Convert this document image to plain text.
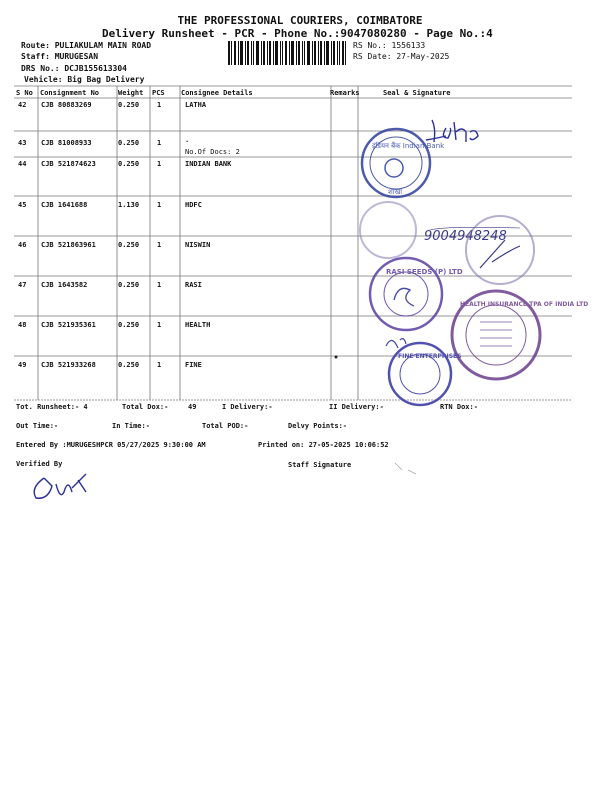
THE PROFESSIONAL COURIERS, COIMBATORE
Delivery Runsheet - PCR - Phone No.:9047080280 - Page No.:4
Route: PULIAKULAM MAIN ROAD
Staff: MURUGESAN
DRS No.: DCJB155613304
Vehicle: Big Bag Delivery
RS No.: 1556133
RS Date: 27-May-2025
S No Consignment No	Weight PCS Consignee Details	Remarks	Seal & Signature
42 CJB 80883269	0.250	1	LATHA
43 CJB 81008933	0.250	1	.
No.Of Docs: 2
44 CJB 521874623	0.250	1	INDIAN BANK
45 CJB 1641688	1.130	1	HDFC
46 CJB 521863961	0.250	1	NISWIN
47 CJB 1643582	0.250	1	RASI
48 CJB 521935361	0.250	1	HEALTH
49 CJB 521933268	0.250	1	FINE
इंडियन बैंक Indian Bank
शाखा
9004948248
RASI SEEDS (P) LTD
HEALTH INSURANCE TPA OF INDIA LTD
FINE ENTERPRISES
Tot. Runsheet:- 4	Total Dox:-	49	I Delivery:-	II Delivery:-	RTN Dox:-
Out Time:-	In Time:-	Total POD:-	Delvy Points:-
Entered By :MURUGESHPCR 05/27/2025 9:30:00 AM	Printed on: 27-05-2025 10:06:52
Verified By	Staff Signature
